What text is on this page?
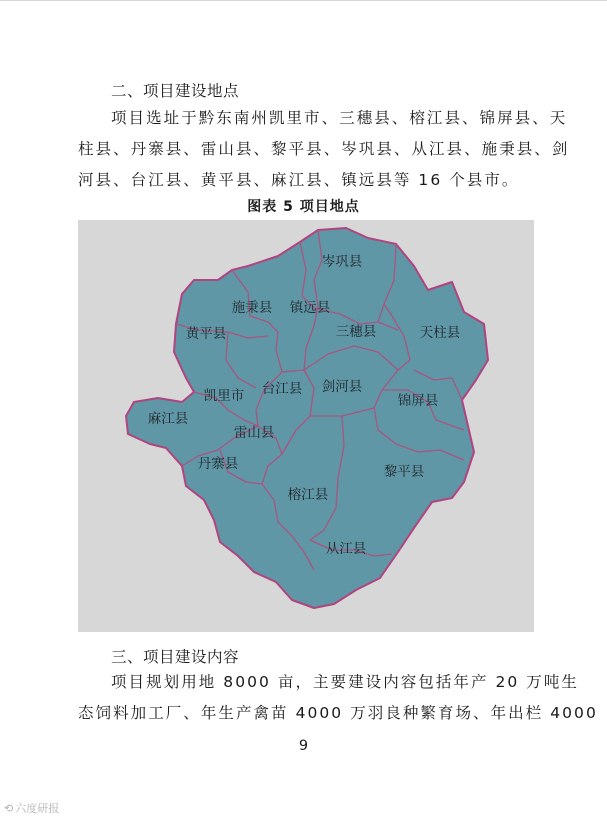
二、项目建设地点

项目选址于黔东南州凯里市、三穗县、榕江县、锦屏县、天

柱县、丹寨县、雷山县、黎平县、岑巩县、从江县、施秉县、剑

河县、台江县、黄平县、麻江县、镇远县等 16 个县市。

图表 5 项目地点
岑巩县
施秉县 镇远县
黄平县	三穗县	天柱县
凯里市 台江县 剑河县
锦屏县
麻江县
雷山县
丹寨县	黎平县
榕江县
从江县
三、项目建设内容

项目规划用地 8000 亩，主要建设内容包括年产 20 万吨生

态饲料加工厂、年生产禽苗 4000 万羽良种繁育场、年出栏 4000

9
⟲ 六度研报
